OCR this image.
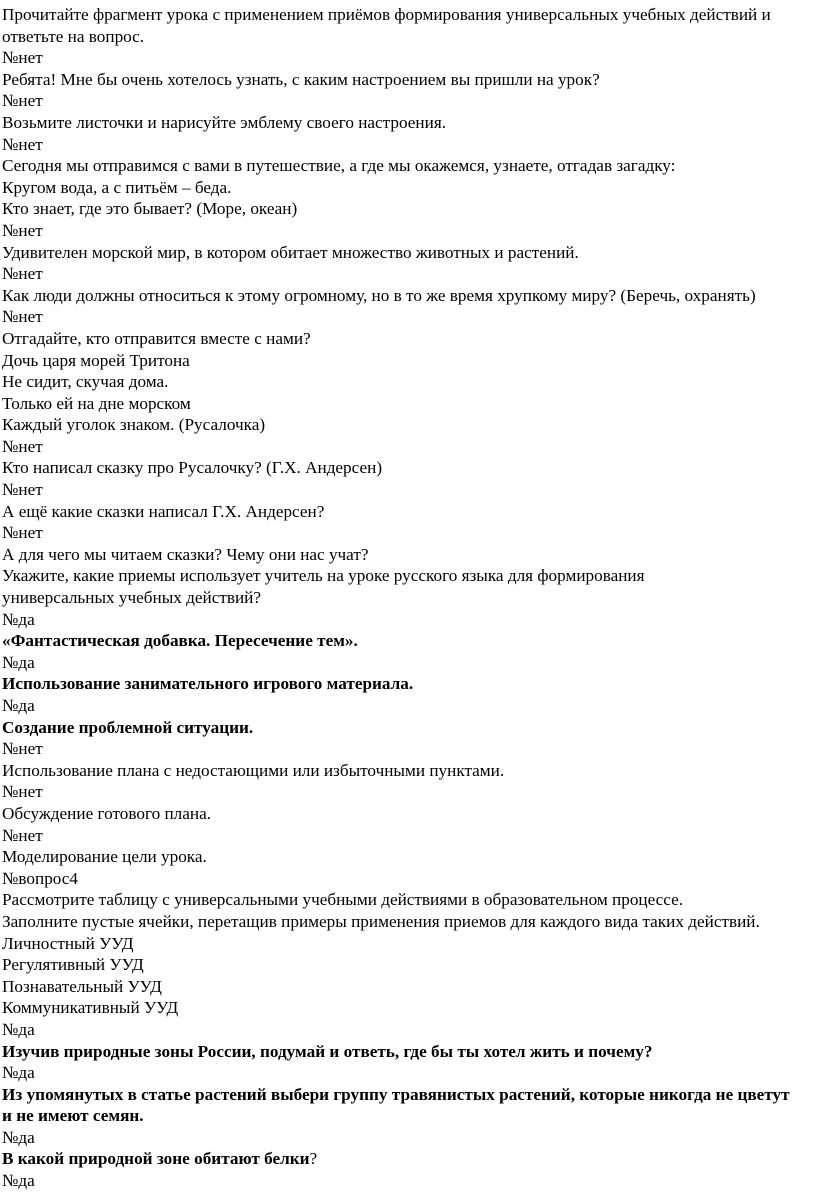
Прочитайте фрагмент урока с применением приёмов формирования универсальных учебных действий и ответьте на вопрос.
№нет
Ребята! Мне бы очень хотелось узнать, с каким настроением вы пришли на урок?
№нет
Возьмите листочки и нарисуйте эмблему своего настроения.
№нет
Сегодня мы отправимся с вами в путешествие, а где мы окажемся, узнаете, отгадав загадку:
Кругом вода, а с питьём – беда.
Кто знает, где это бывает? (Море, океан)
№нет
Удивителен морской мир, в котором обитает множество животных и растений.
№нет
Как люди должны относиться к этому огромному, но в то же время хрупкому миру? (Беречь, охранять)
№нет
Отгадайте, кто отправится вместе с нами?
Дочь царя морей Тритона
Не сидит, скучая дома.
Только ей на дне морском
Каждый уголок знаком. (Русалочка)
№нет
Кто написал сказку про Русалочку? (Г.Х. Андерсен)
№нет
А ещё какие сказки написал Г.Х. Андерсен?
№нет
А для чего мы читаем сказки? Чему они нас учат?
Укажите, какие приемы использует учитель на уроке русского языка для формирования универсальных учебных действий?
№да
«Фантастическая добавка. Пересечение тем».
№да
Использование занимательного игрового материала.
№да
Создание проблемной ситуации.
№нет
Использование плана с недостающими или избыточными пунктами.
№нет
Обсуждение готового плана.
№нет
Моделирование цели урока.
№вопрос4
Рассмотрите таблицу с универсальными учебными действиями в образовательном процессе.
Заполните пустые ячейки, перетащив примеры применения приемов для каждого вида таких действий.
Личностный УУД
Регулятивный УУД
Познавательный УУД
Коммуникативный УУД
№да
Изучив природные зоны России, подумай и ответь, где бы ты хотел жить и почему?
№да
Из упомянутых в статье растений выбери группу травянистых растений, которые никогда не цветут и не имеют семян.
№да
В какой природной зоне обитают белки?
№да
